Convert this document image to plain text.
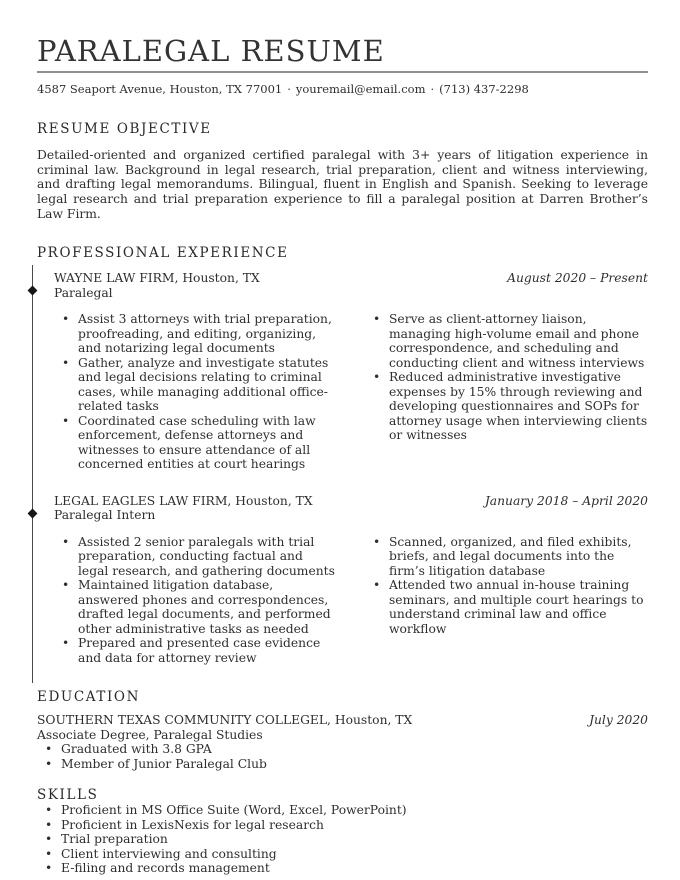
PARALEGAL RESUME
4587 Seaport Avenue, Houston, TX 77001 · youremail@email.com · (713) 437-2298
RESUME OBJECTIVE

Detailed-oriented and organized certified paralegal with 3+ years of litigation experience in criminal law. Background in legal research, trial preparation, client and witness interviewing, and drafting legal memorandums. Bilingual, fluent in English and Spanish. Seeking to leverage legal research and trial preparation experience to fill a paralegal position at Darren Brother’s Law Firm.

PROFESSIONAL EXPERIENCE
WAYNE LAW FIRM, Houston, TX
Paralegal
August 2020 – Present
• Assist 3 attorneys with trial preparation, proofreading, and editing, organizing, and notarizing legal documents
• Gather, analyze and investigate statutes and legal decisions relating to criminal cases, while managing additional office-related tasks
• Coordinated case scheduling with law enforcement, defense attorneys and witnesses to ensure attendance of all concerned entities at court hearings
• Serve as client-attorney liaison, managing high-volume email and phone correspondence, and scheduling and conducting client and witness interviews
• Reduced administrative investigative expenses by 15% through reviewing and developing questionnaires and SOPs for attorney usage when interviewing clients or witnesses
LEGAL EAGLES LAW FIRM, Houston, TX
Paralegal Intern
January 2018 – April 2020
• Assisted 2 senior paralegals with trial preparation, conducting factual and legal research, and gathering documents
• Maintained litigation database, answered phones and correspondences, drafted legal documents, and performed other administrative tasks as needed
• Prepared and presented case evidence and data for attorney review
• Scanned, organized, and filed exhibits, briefs, and legal documents into the firm’s litigation database
• Attended two annual in-house training seminars, and multiple court hearings to understand criminal law and office workflow
EDUCATION
SOUTHERN TEXAS COMMUNITY COLLEGEL, Houston, TX	July 2020
Associate Degree, Paralegal Studies
• Graduated with 3.8 GPA
• Member of Junior Paralegal Club
SKILLS
• Proficient in MS Office Suite (Word, Excel, PowerPoint)
• Proficient in LexisNexis for legal research
• Trial preparation
• Client interviewing and consulting
• E-filing and records management
